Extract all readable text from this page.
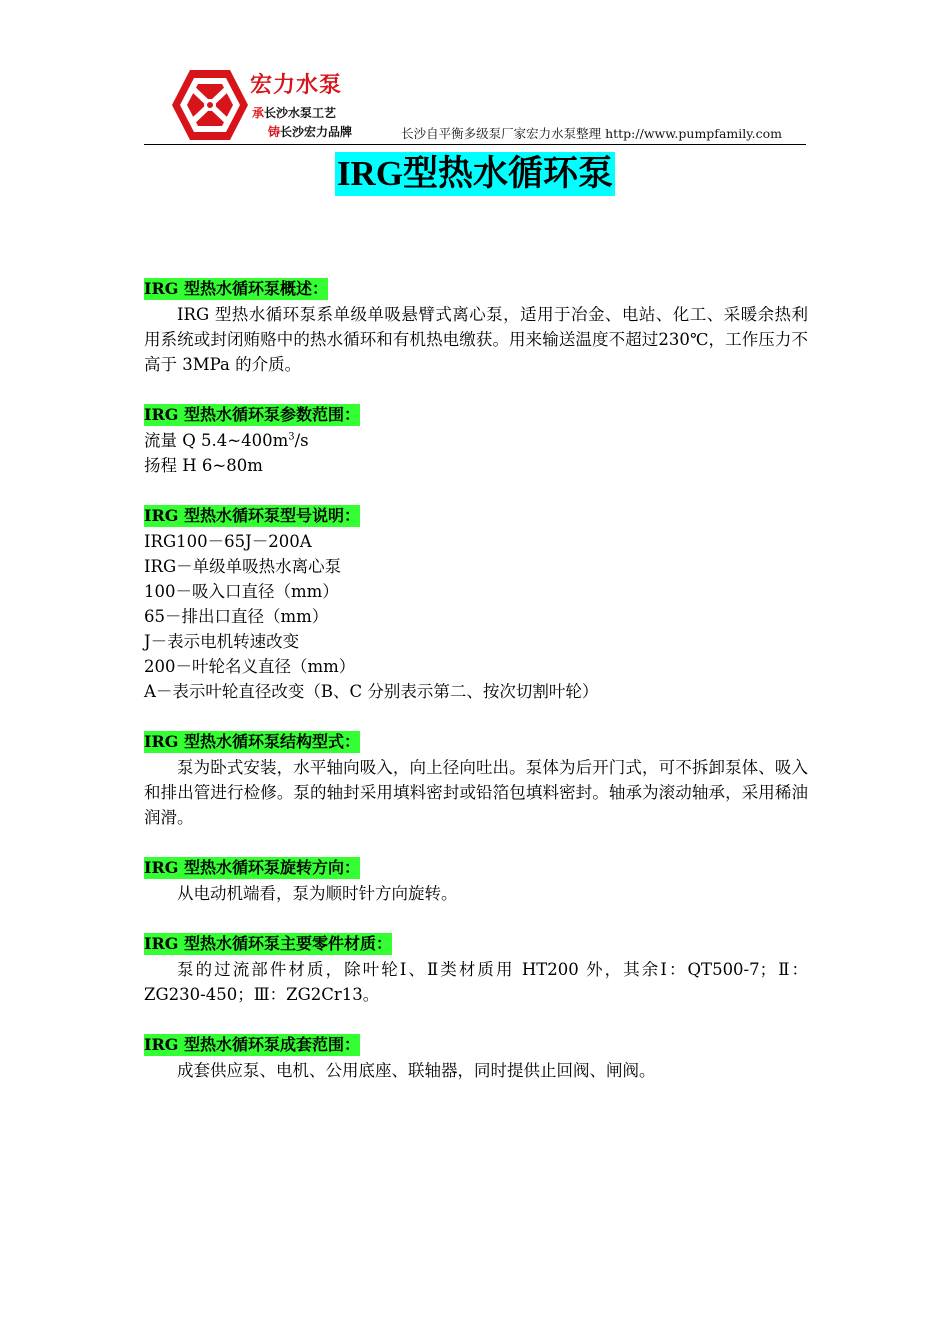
宏力水泵
承长沙水泵工艺
铸长沙宏力品牌	长沙自平衡多级泵厂家宏力水泵整理 http://www.pumpfamily.com
IRG型热水循环泵
IRG 型热水循环泵概述：

IRG 型热水循环泵系单级单吸悬臂式离心泵，适用于冶金、电站、化工、采暖余热利用系统或封闭贿赂中的热水循环和有机热电缴获。用来输送温度不超过230℃，工作压力不高于 3MPa 的介质。

IRG 型热水循环泵参数范围：

流量 Q $5.4\sim 400m^3/s$

扬程 H 6~80m

IRG 型热水循环泵型号说明：

IRG100－65J－200A

IRG－单级单吸热水离心泵

100－吸入口直径（mm）

65－排出口直径（mm）

J－表示电机转速改变

200－叶轮名义直径（mm）

A－表示叶轮直径改变（B、C 分别表示第二、按次切割叶轮）

IRG 型热水循环泵结构型式：

泵为卧式安装，水平轴向吸入，向上径向吐出。泵体为后开门式，可不拆卸泵体、吸入和排出管进行检修。泵的轴封采用填料密封或铅箔包填料密封。轴承为滚动轴承，采用稀油润滑。

IRG 型热水循环泵旋转方向：

从电动机端看，泵为顺时针方向旋转。

IRG 型热水循环泵主要零件材质：

泵的过流部件材质，除叶轮Ⅰ、Ⅱ类材质用 HT200 外，其余Ⅰ：QT500-7；Ⅱ：ZG230-450；Ⅲ：ZG2Cr13。

IRG 型热水循环泵成套范围：

成套供应泵、电机、公用底座、联轴器，同时提供止回阀、闸阀。
